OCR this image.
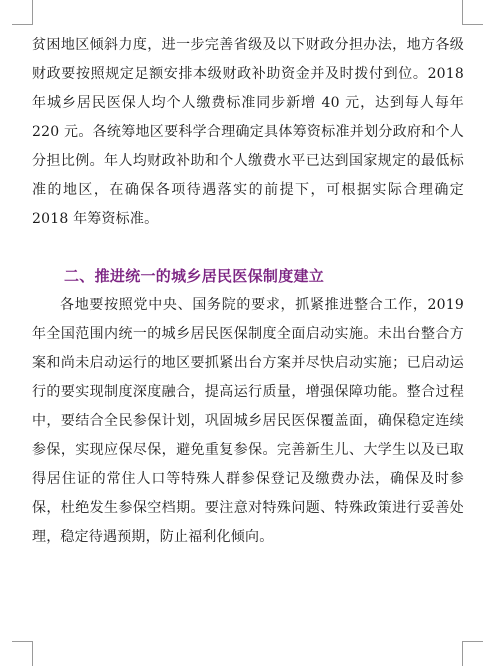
贫困地区倾斜力度，进一步完善省级及以下财政分担办法，地方各级财政要按照规定足额安排本级财政补助资金并及时拨付到位。2018 年城乡居民医保人均个人缴费标准同步新增 40 元，达到每人每年 220 元。各统筹地区要科学合理确定具体筹资标准并划分政府和个人分担比例。年人均财政补助和个人缴费水平已达到国家规定的最低标准的地区，在确保各项待遇落实的前提下，可根据实际合理确定 2018 年筹资标准。

二、推进统一的城乡居民医保制度建立

各地要按照党中央、国务院的要求，抓紧推进整合工作，2019 年全国范围内统一的城乡居民医保制度全面启动实施。未出台整合方案和尚未启动运行的地区要抓紧出台方案并尽快启动实施；已启动运行的要实现制度深度融合，提高运行质量，增强保障功能。整合过程中，要结合全民参保计划，巩固城乡居民医保覆盖面，确保稳定连续参保，实现应保尽保，避免重复参保。完善新生儿、大学生以及已取得居住证的常住人口等特殊人群参保登记及缴费办法，确保及时参保，杜绝发生参保空档期。要注意对特殊问题、特殊政策进行妥善处理，稳定待遇预期，防止福利化倾向。
